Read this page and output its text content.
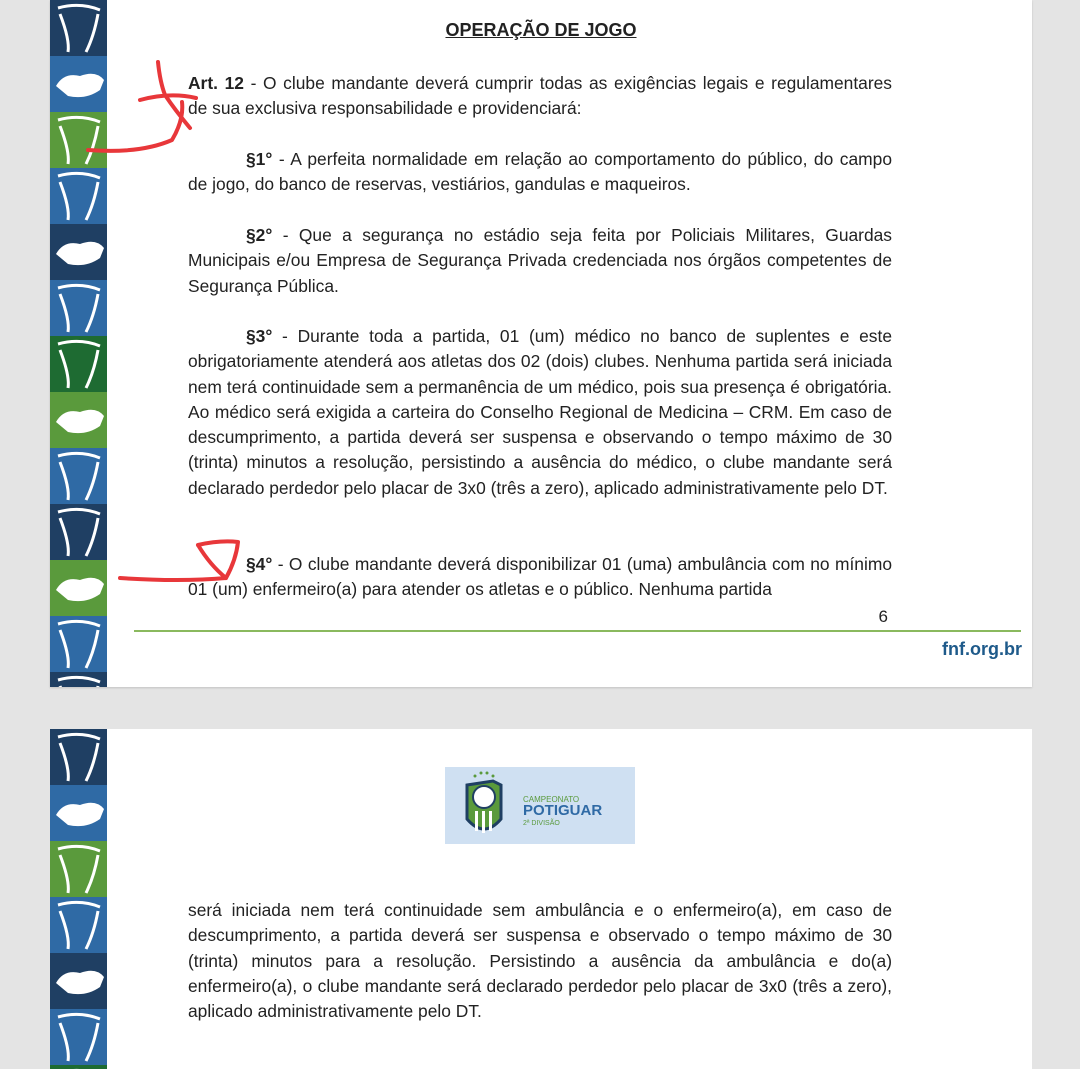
OPERAÇÃO DE JOGO

Art. 12 - O clube mandante deverá cumprir todas as exigências legais e regulamentares de sua exclusiva responsabilidade e providenciará:

§1° - A perfeita normalidade em relação ao comportamento do público, do campo de jogo, do banco de reservas, vestiários, gandulas e maqueiros.

§2° - Que a segurança no estádio seja feita por Policiais Militares, Guardas Municipais e/ou Empresa de Segurança Privada credenciada nos órgãos competentes de Segurança Pública.

§3° - Durante toda a partida, 01 (um) médico no banco de suplentes e este obrigatoriamente atenderá aos atletas dos 02 (dois) clubes. Nenhuma partida será iniciada nem terá continuidade sem a permanência de um médico, pois sua presença é obrigatória. Ao médico será exigida a carteira do Conselho Regional de Medicina – CRM. Em caso de descumprimento, a partida deverá ser suspensa e observando o tempo máximo de 30 (trinta) minutos a resolução, persistindo a ausência do médico, o clube mandante será declarado perdedor pelo placar de 3x0 (três a zero), aplicado administrativamente pelo DT.

§4° - O clube mandante deverá disponibilizar 01 (uma) ambulância com no mínimo 01 (um) enfermeiro(a) para atender os atletas e o público. Nenhuma partida

6
fnf.org.br
CAMPEONATO
POTIGUAR
2ª DIVISÃO

será iniciada nem terá continuidade sem ambulância e o enfermeiro(a), em caso de descumprimento, a partida deverá ser suspensa e observado o tempo máximo de 30 (trinta) minutos para a resolução. Persistindo a ausência da ambulância e do(a) enfermeiro(a), o clube mandante será declarado perdedor pelo placar de 3x0 (três a zero), aplicado administrativamente pelo DT.
